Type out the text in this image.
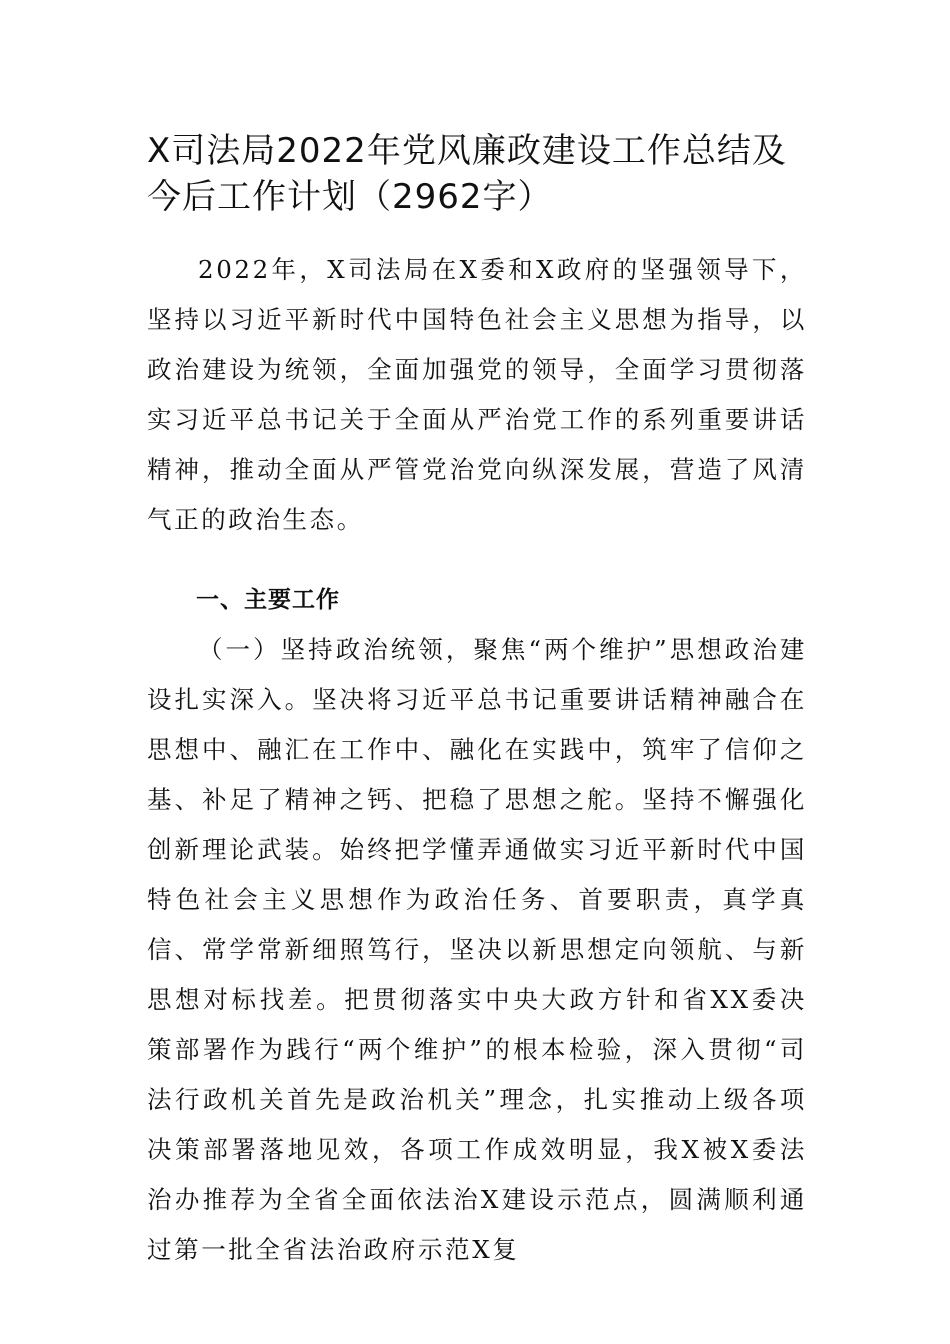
X司法局2022年党风廉政建设工作总结及今后工作计划（2962字）

2022年，X司法局在X委和X政府的坚强领导下，坚持以习近平新时代中国特色社会主义思想为指导，以政治建设为统领，全面加强党的领导，全面学习贯彻落实习近平总书记关于全面从严治党工作的系列重要讲话精神，推动全面从严管党治党向纵深发展，营造了风清气正的政治生态。

一、主要工作

（一）坚持政治统领，聚焦“两个维护”思想政治建设扎实深入。坚决将习近平总书记重要讲话精神融合在思想中、融汇在工作中、融化在实践中，筑牢了信仰之基、补足了精神之钙、把稳了思想之舵。坚持不懈强化创新理论武装。始终把学懂弄通做实习近平新时代中国特色社会主义思想作为政治任务、首要职责，真学真信、常学常新细照笃行，坚决以新思想定向领航、与新思想对标找差。把贯彻落实中央大政方针和省XX委决策部署作为践行“两个维护”的根本检验，深入贯彻“司法行政机关首先是政治机关”理念，扎实推动上级各项决策部署落地见效，各项工作成效明显，我X被X委法治办推荐为全省全面依法治X建设示范点，圆满顺利通过第一批全省法治政府示范X复
